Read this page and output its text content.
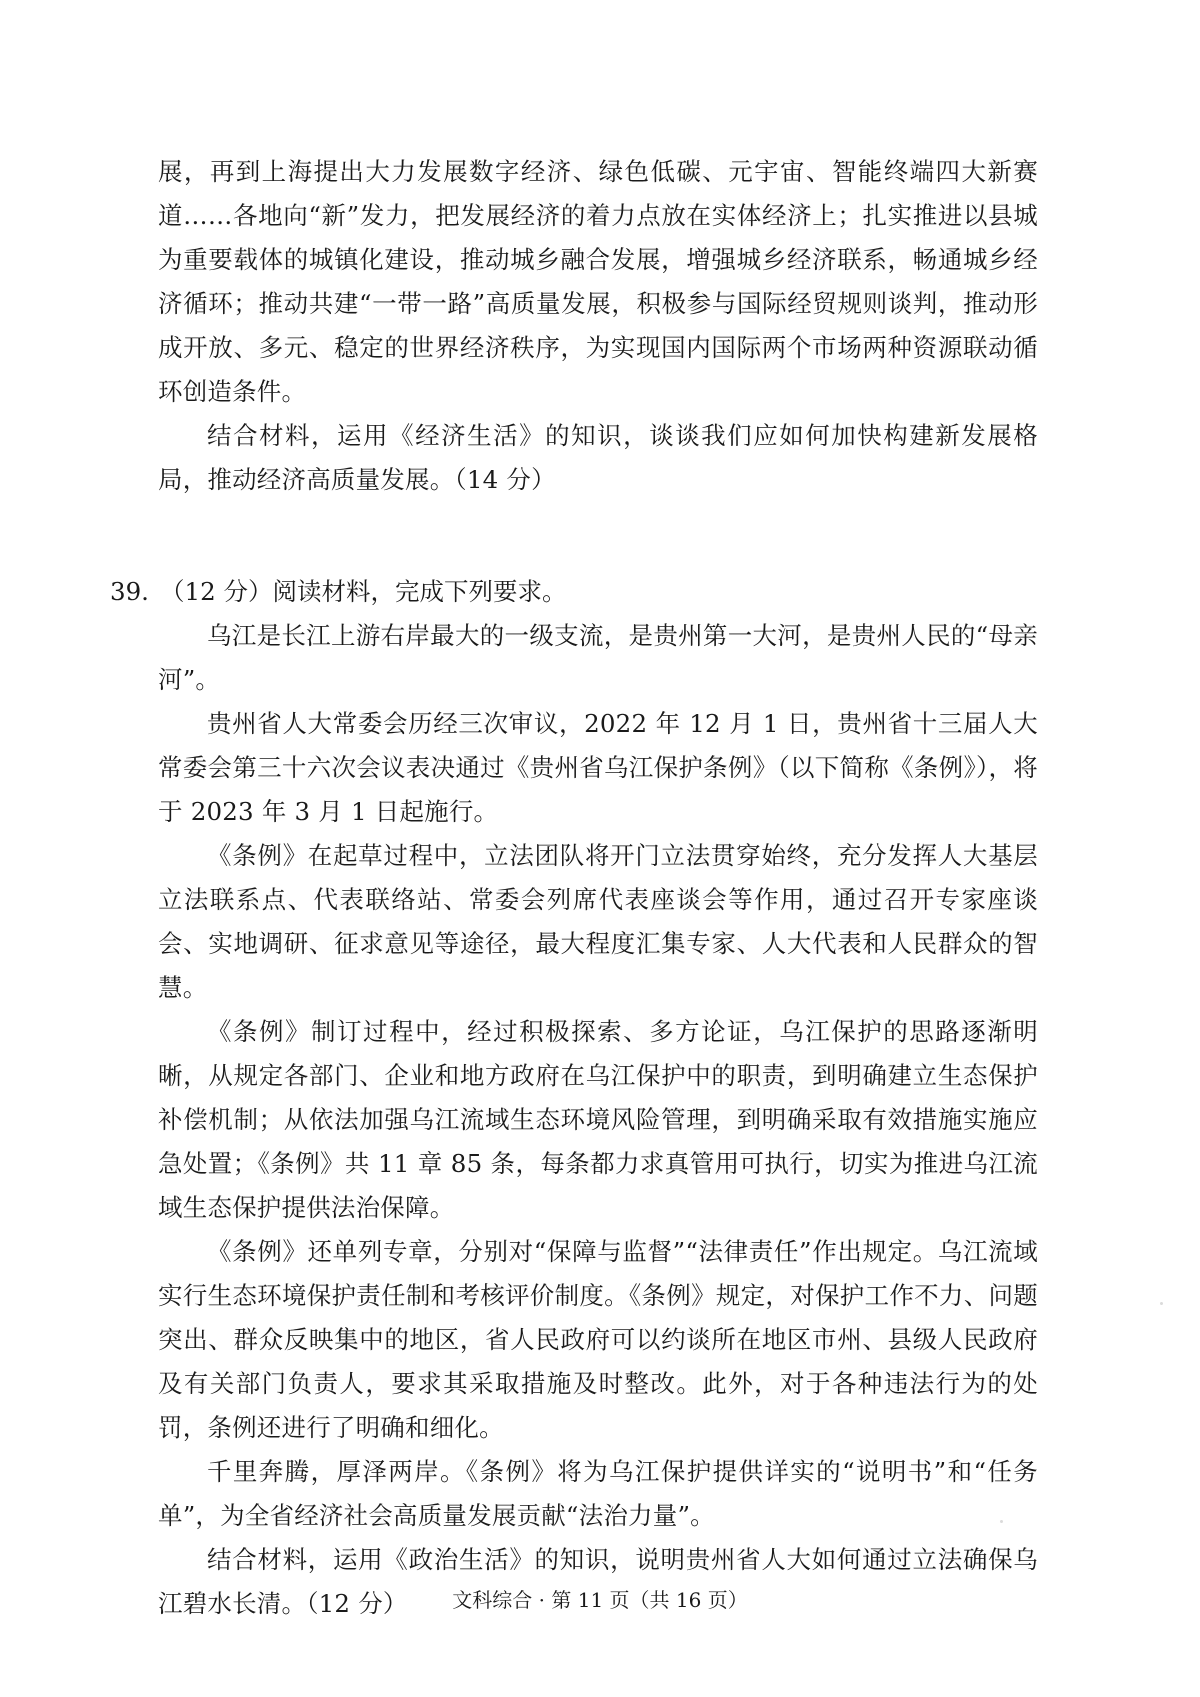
展，再到上海提出大力发展数字经济、绿色低碳、元宇宙、智能终端四大新赛道……各地向“新”发力，把发展经济的着力点放在实体经济上；扎实推进以县城为重要载体的城镇化建设，推动城乡融合发展，增强城乡经济联系，畅通城乡经济循环；推动共建“一带一路”高质量发展，积极参与国际经贸规则谈判，推动形成开放、多元、稳定的世界经济秩序，为实现国内国际两个市场两种资源联动循环创造条件。

结合材料，运用《经济生活》的知识，谈谈我们应如何加快构建新发展格局，推动经济高质量发展。（14 分）

39. （12 分）阅读材料，完成下列要求。

乌江是长江上游右岸最大的一级支流，是贵州第一大河，是贵州人民的“母亲河”。

贵州省人大常委会历经三次审议，2022 年 12 月 1 日，贵州省十三届人大常委会第三十六次会议表决通过《贵州省乌江保护条例》（以下简称《条例》），将于 2023 年 3 月 1 日起施行。

《条例》在起草过程中，立法团队将开门立法贯穿始终，充分发挥人大基层立法联系点、代表联络站、常委会列席代表座谈会等作用，通过召开专家座谈会、实地调研、征求意见等途径，最大程度汇集专家、人大代表和人民群众的智慧。

《条例》制订过程中，经过积极探索、多方论证，乌江保护的思路逐渐明晰，从规定各部门、企业和地方政府在乌江保护中的职责，到明确建立生态保护补偿机制；从依法加强乌江流域生态环境风险管理，到明确采取有效措施实施应急处置；《条例》共 11 章 85 条，每条都力求真管用可执行，切实为推进乌江流域生态保护提供法治保障。

《条例》还单列专章，分别对“保障与监督”“法律责任”作出规定。乌江流域实行生态环境保护责任制和考核评价制度。《条例》规定，对保护工作不力、问题突出、群众反映集中的地区，省人民政府可以约谈所在地区市州、县级人民政府及有关部门负责人，要求其采取措施及时整改。此外，对于各种违法行为的处罚，条例还进行了明确和细化。

千里奔腾，厚泽两岸。《条例》将为乌江保护提供详实的“说明书”和“任务单”，为全省经济社会高质量发展贡献“法治力量”。

结合材料，运用《政治生活》的知识，说明贵州省人大如何通过立法确保乌江碧水长清。（12 分）	文科综合 · 第 11 页（共 16 页）
